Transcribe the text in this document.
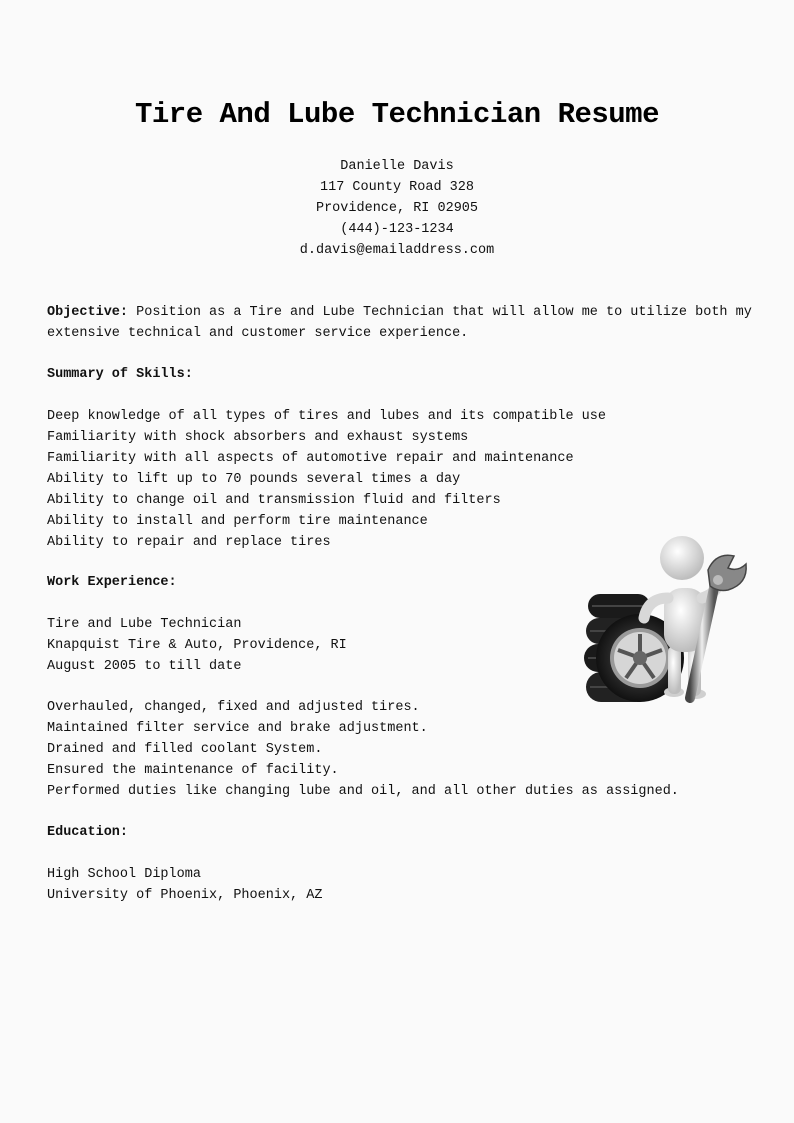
Tire And Lube Technician Resume
Danielle Davis
117 County Road 328
Providence, RI 02905
(444)-123-1234
d.davis@emailaddress.com
Objective: Position as a Tire and Lube Technician that will allow me to utilize both my extensive technical and customer service experience.
Summary of Skills:
Deep knowledge of all types of tires and lubes and its compatible use
Familiarity with shock absorbers and exhaust systems
Familiarity with all aspects of automotive repair and maintenance
Ability to lift up to 70 pounds several times a day
Ability to change oil and transmission fluid and filters
Ability to install and perform tire maintenance
Ability to repair and replace tires
Work Experience:
Tire and Lube Technician
Knapquist Tire & Auto, Providence, RI
August 2005 to till date
Overhauled, changed, fixed and adjusted tires.
Maintained filter service and brake adjustment.
Drained and filled coolant System.
Ensured the maintenance of facility.
Performed duties like changing lube and oil, and all other duties as assigned.
Education:
High School Diploma
University of Phoenix, Phoenix, AZ
